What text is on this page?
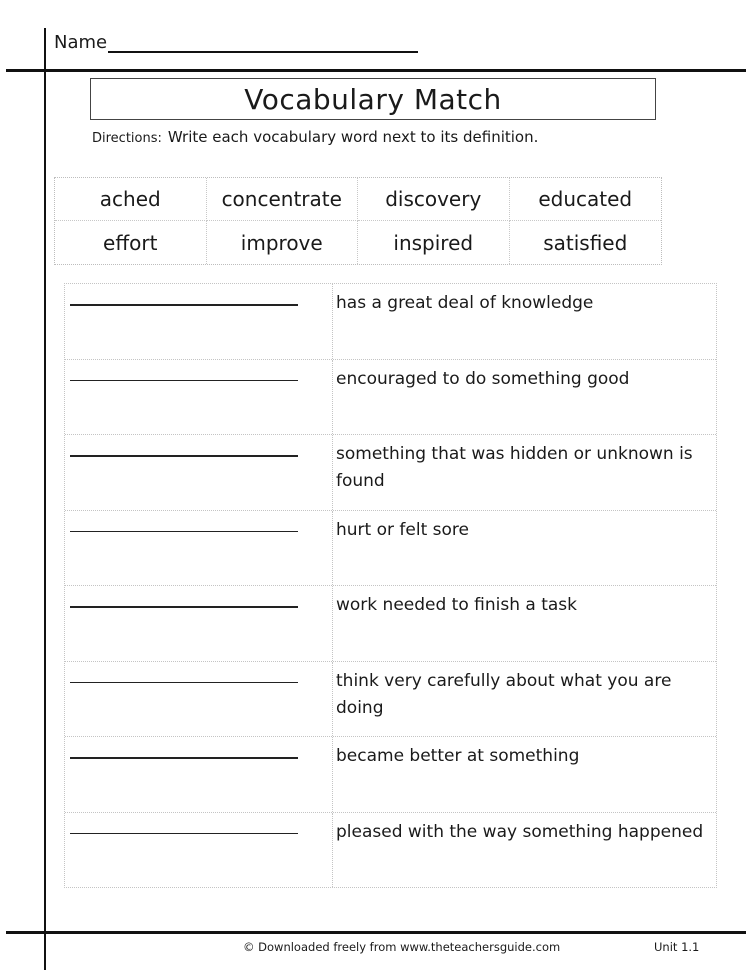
Name
Vocabulary Match
Directions: Write each vocabulary word next to its definition.
ached	concentrate	discovery	educated
effort	improve	inspired	satisfied
has a great deal of knowledge
encouraged to do something good
something that was hidden or unknown is found
hurt or felt sore
work needed to finish a task
think very carefully about what you are doing
became better at something
pleased with the way something happened
© Downloaded freely from www.theteachersguide.com	Unit 1.1
